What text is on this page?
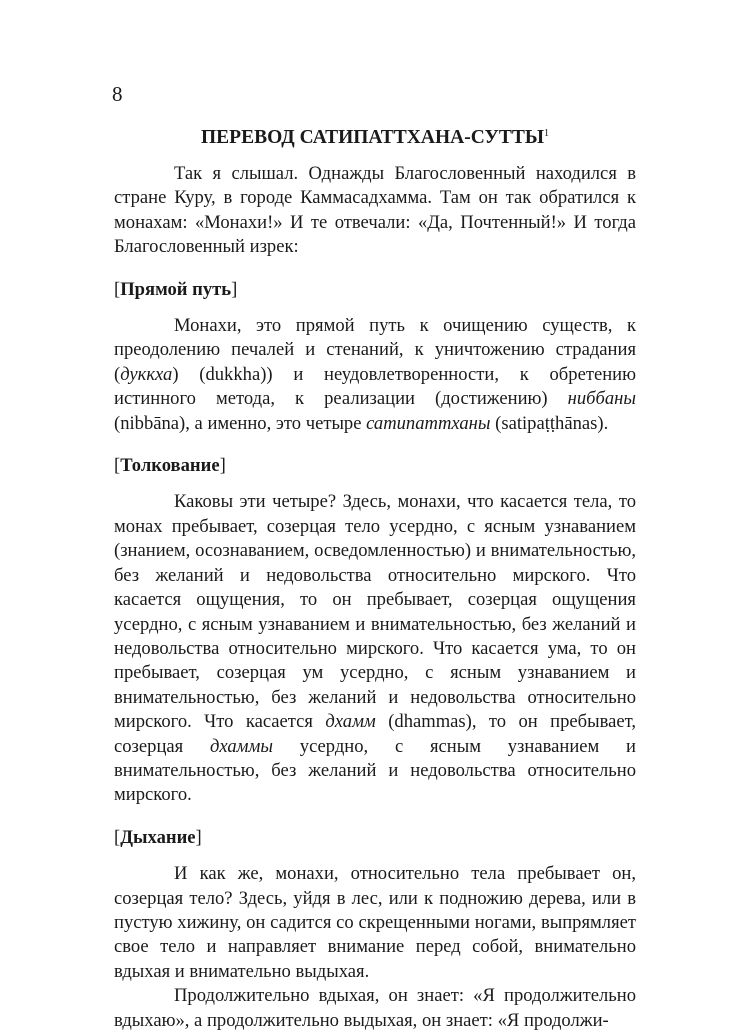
8
ПЕРЕВОД САТИПАТТХАНА-СУТТЫ$^1$

Так я слышал. Однажды Благословенный находился в стране Куру, в городе Каммасадхамма. Там он так обратился к монахам: «Монахи!» И те отвечали: «Да, Почтенный!» И тогда Благословенный изрек:

[Прямой путь]

Монахи, это прямой путь к очищению существ, к преодолению печалей и стенаний, к уничтожению страдания (дуккха) (dukkha)) и неудовлетворенности, к обретению истинного метода, к реализации (достижению) ниббаны (nibbāna), а именно, это четыре сатипаттханы (satipaṭṭhānas).

[Толкование]

Каковы эти четыре? Здесь, монахи, что касается тела, то монах пребывает, созерцая тело усердно, с ясным узнаванием (знанием, осознаванием, осведомленностью) и внимательностью, без желаний и недовольства относительно мирского. Что касается ощущения, то он пребывает, созерцая ощущения усердно, с ясным узнаванием и внимательностью, без желаний и недовольства относительно мирского. Что касается ума, то он пребывает, созерцая ум усердно, с ясным узнаванием и внимательностью, без желаний и недовольства относительно мирского. Что касается дхамм (dhammas), то он пребывает, созерцая дхаммы усердно, с ясным узнаванием и внимательностью, без желаний и недовольства относительно мирского.

[Дыхание]

И как же, монахи, относительно тела пребывает он, созерцая тело? Здесь, уйдя в лес, или к подножию дерева, или в пустую хижину, он садится со скрещенными ногами, выпрямляет свое тело и направляет внимание перед собой, внимательно вдыхая и внимательно выдыхая.

Продолжительно вдыхая, он знает: «Я продолжительно вдыхаю», а продолжительно выдыхая, он знает: «Я продолжи-
